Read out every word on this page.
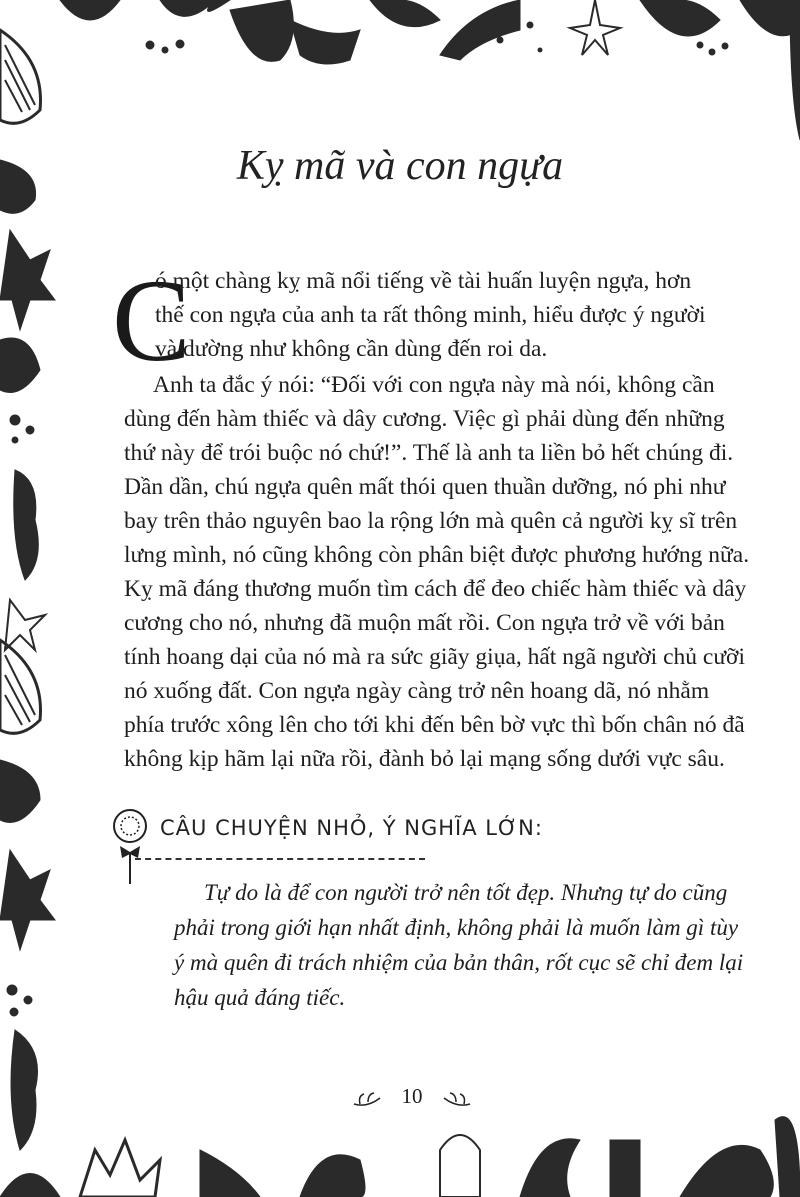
Kỵ mã và con ngựa
C
ó một chàng kỵ mã nổi tiếng về tài huấn luyện ngựa, hơn
thế con ngựa của anh ta rất thông minh, hiểu được ý người
và dường như không cần dùng đến roi da.
Anh ta đắc ý nói: “Đối với con ngựa này mà nói, không cần
dùng đến hàm thiếc và dây cương. Việc gì phải dùng đến những
thứ này để trói buộc nó chứ!”. Thế là anh ta liền bỏ hết chúng đi.
Dần dần, chú ngựa quên mất thói quen thuần dưỡng, nó phi như
bay trên thảo nguyên bao la rộng lớn mà quên cả người kỵ sĩ trên
lưng mình, nó cũng không còn phân biệt được phương hướng nữa.
Kỵ mã đáng thương muốn tìm cách để đeo chiếc hàm thiếc và dây
cương cho nó, nhưng đã muộn mất rồi. Con ngựa trở về với bản
tính hoang dại của nó mà ra sức giãy giụa, hất ngã người chủ cưỡi
nó xuống đất. Con ngựa ngày càng trở nên hoang dã, nó nhằm
phía trước xông lên cho tới khi đến bên bờ vực thì bốn chân nó đã
không kịp hãm lại nữa rồi, đành bỏ lại mạng sống dưới vực sâu.
CÂU CHUYỆN NHỎ, Ý NGHĨA LỚN:
Tự do là để con người trở nên tốt đẹp. Nhưng tự do cũng
phải trong giới hạn nhất định, không phải là muốn làm gì tùy
ý mà quên đi trách nhiệm của bản thân, rốt cục sẽ chỉ đem lại
hậu quả đáng tiếc.
10
